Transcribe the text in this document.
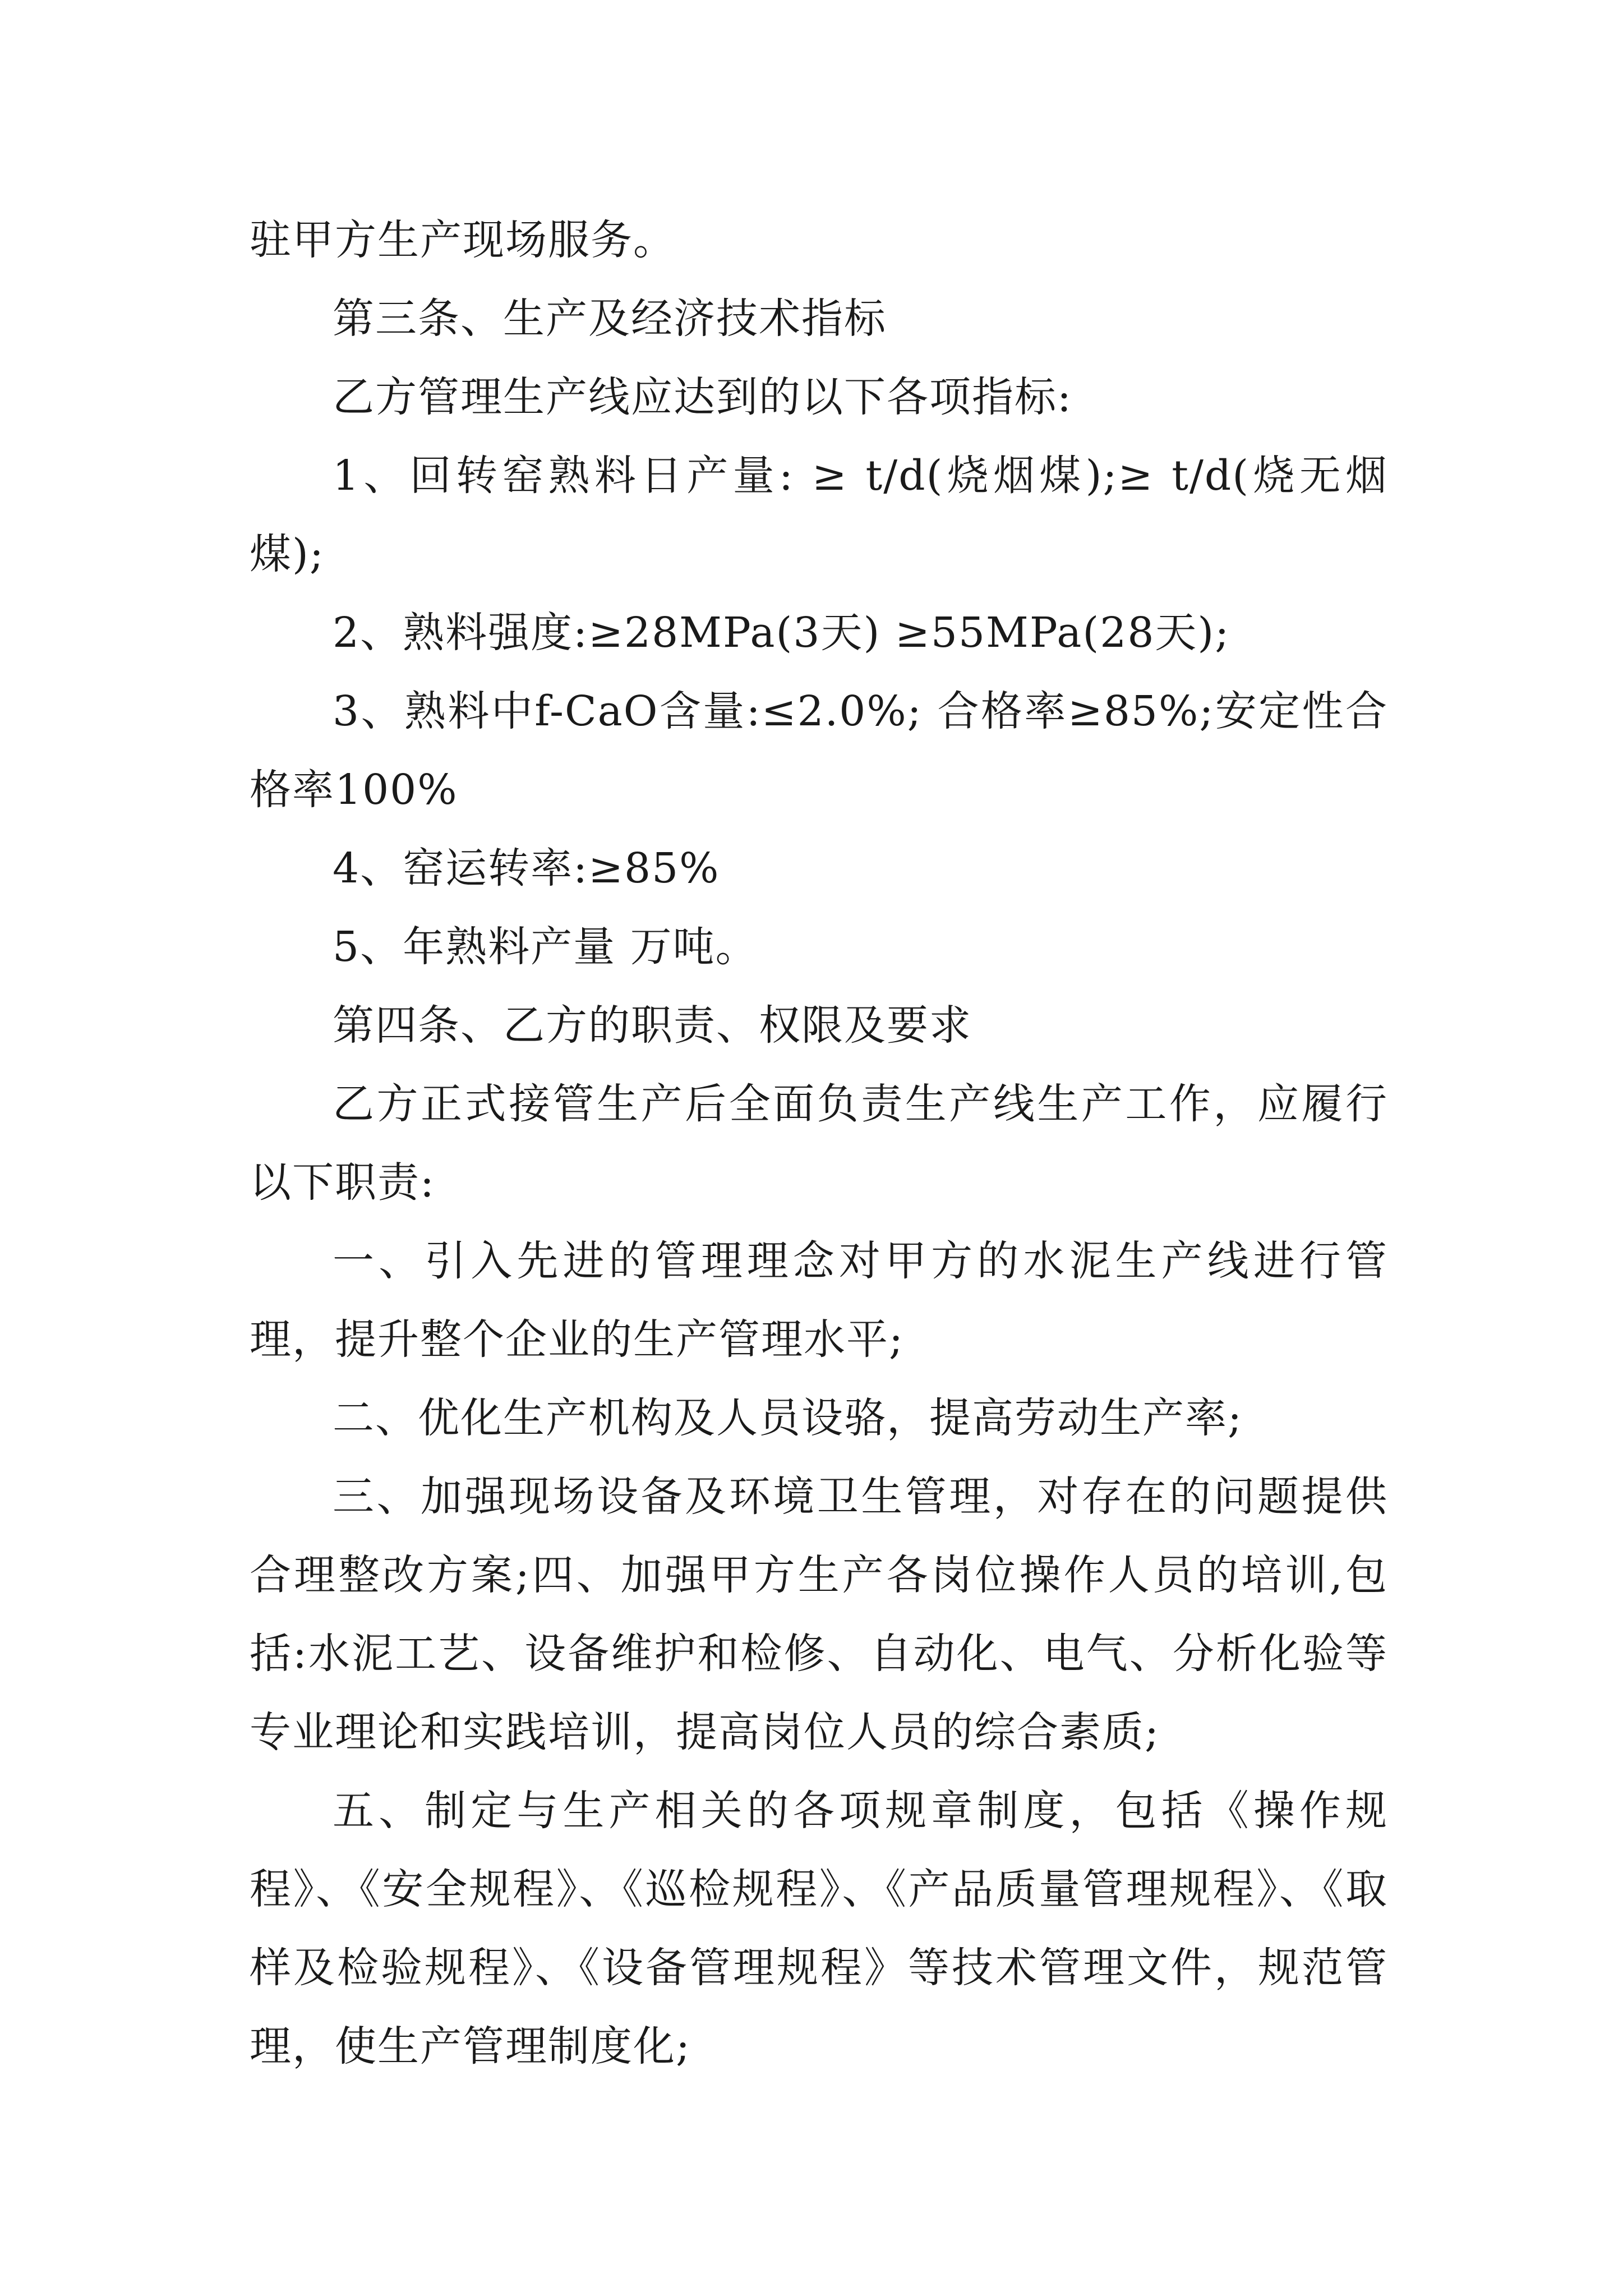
驻甲方生产现场服务。

第三条、生产及经济技术指标

乙方管理生产线应达到的以下各项指标:

1、回转窑熟料日产量: ≥ t/d(烧烟煤);≥ t/d(烧无烟煤);

2、熟料强度:≥28MPa(3天) ≥55MPa(28天);

3、熟料中f-CaO含量:≤2.0%; 合格率≥85%;安定性合格率100%

4、窑运转率:≥85%

5、年熟料产量 万吨。

第四条、乙方的职责、权限及要求

乙方正式接管生产后全面负责生产线生产工作，应履行以下职责:

一、引入先进的管理理念对甲方的水泥生产线进行管理，提升整个企业的生产管理水平;

二、优化生产机构及人员设骆，提高劳动生产率;

三、加强现场设备及环境卫生管理，对存在的问题提供合理整改方案;四、加强甲方生产各岗位操作人员的培训,包括:水泥工艺、设备维护和检修、自动化、电气、分析化验等专业理论和实践培训，提高岗位人员的综合素质;

五、制定与生产相关的各项规章制度，包括《操作规程》、《安全规程》、《巡检规程》、《产品质量管理规程》、《取样及检验规程》、《设备管理规程》等技术管理文件，规范管理，使生产管理制度化;
